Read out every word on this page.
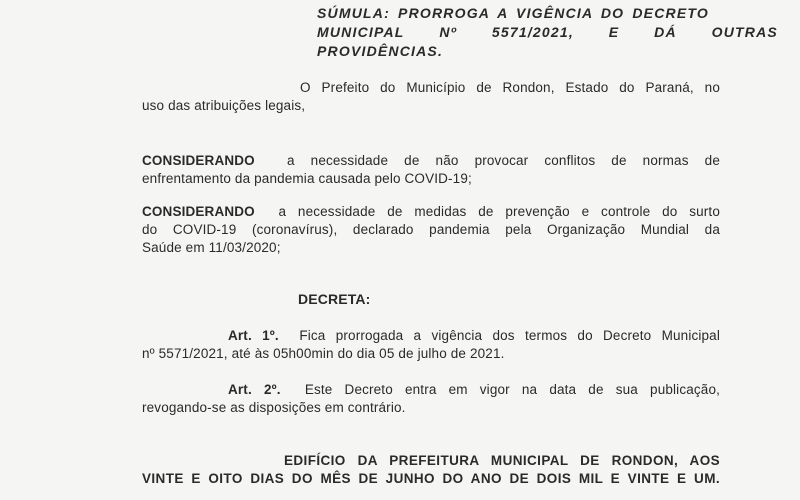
SÚMULA: PRORROGA A VIGÊNCIA DO DECRETO
MUNICIPAL Nº 5571/2021, E DÁ OUTRAS
PROVIDÊNCIAS.
O Prefeito do Município de Rondon, Estado do Paraná, no
uso das atribuições legais,
CONSIDERANDO a necessidade de não provocar conflitos de normas de
enfrentamento da pandemia causada pelo COVID-19;
CONSIDERANDO a necessidade de medidas de prevenção e controle do surto
do COVID-19 (coronavírus), declarado pandemia pela Organização Mundial da
Saúde em 11/03/2020;
DECRETA:
Art. 1º. Fica prorrogada a vigência dos termos do Decreto Municipal
nº 5571/2021, até às 05h00min do dia 05 de julho de 2021.
Art. 2º. Este Decreto entra em vigor na data de sua publicação,
revogando-se as disposições em contrário.
EDIFÍCIO DA PREFEITURA MUNICIPAL DE RONDON, AOS
VINTE E OITO DIAS DO MÊS DE JUNHO DO ANO DE DOIS MIL E VINTE E UM.
